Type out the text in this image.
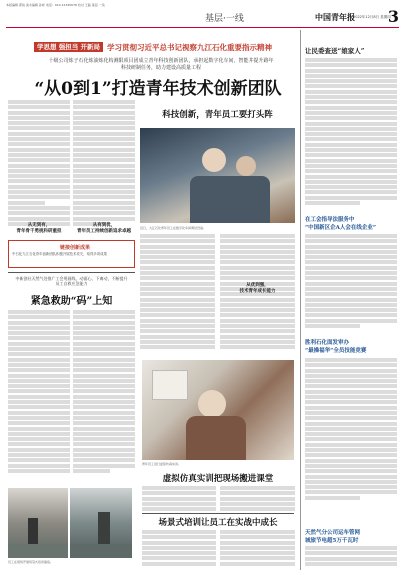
本版编辑 郭锐 美术编辑 孙彬 电话：010-12345678 校对 王磊 基层·一线
基层·一线	中国青年报
2022年12月8日 星期四
3
学思想 强担当 开新局 学习贯彻习近平总书记视察九江石化重要指示精神
十级公司炼子石化炼油炼化构测限项目团成立青年科技创新团队，承担起数字化车间，智能井提升路年
科技研制任务，助力建设高质量工程
“从0到1”打造青年技术创新团队
从无到有，
青年骨干勇挑科研重担
从有到优，
青年员工持续创新追求卓越
科技创新，青年员工要打头阵
近日，九江石化青年员工在数字化车间调试设备。
从优到强，
技术青年成长能力
链接创新成果
中石化九江石化青年创新团队积极开展技术攻关，取得多项成果
中新创社天然气处推广工会用画线、动面心、下离动，不断提升员工自救应急能力
紧急救助“码”上知
青年员工进行虚拟仿真实训。
虚拟仿真实训把现场搬进课堂
场景式培训让员工在实战中成长
员工在现场开展场景式培训演练。
让民委查送“娘家人”
在工会指导法服务中
“中国新区企A人会在线企业”
胜利石化面发审办
“最操福华”全员技能竞赛
天然气分公司运车管网
城旅节电超5万千瓦时
